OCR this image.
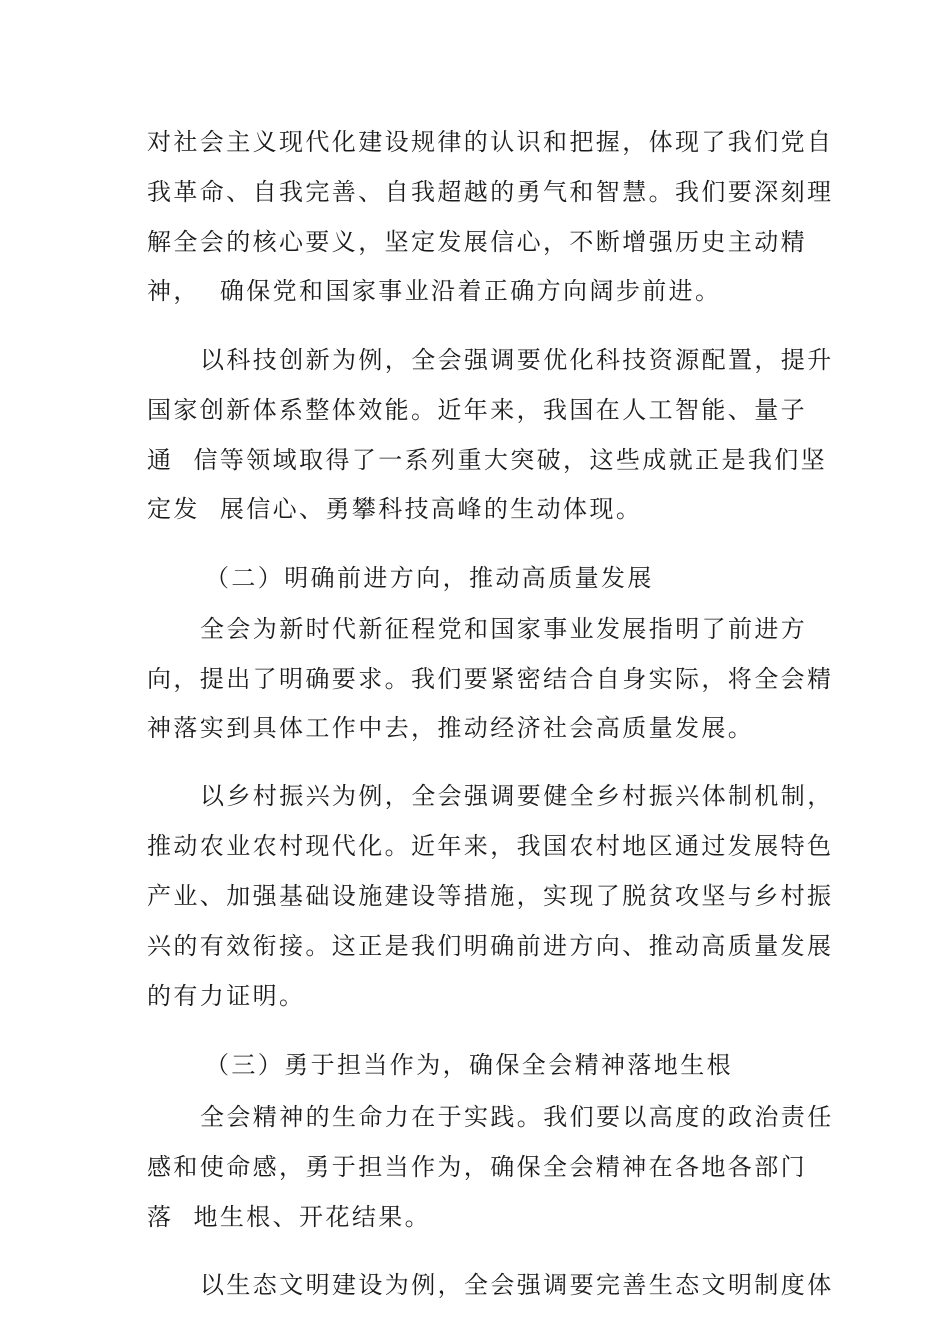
对社会主义现代化建设规律的认识和把握，体现了我们党自
我革命、自我完善、自我超越的勇气和智慧。我们要深刻理
解全会的核心要义，坚定发展信心，不断增强历史主动精
神，  确保党和国家事业沿着正确方向阔步前进。
以科技创新为例，全会强调要优化科技资源配置，提升
国家创新体系整体效能。近年来，我国在人工智能、量子
通  信等领域取得了一系列重大突破，这些成就正是我们坚
定发  展信心、勇攀科技高峰的生动体现。
（二）明确前进方向，推动高质量发展
全会为新时代新征程党和国家事业发展指明了前进方
向，提出了明确要求。我们要紧密结合自身实际，将全会精
神落实到具体工作中去，推动经济社会高质量发展。
以乡村振兴为例，全会强调要健全乡村振兴体制机制，
推动农业农村现代化。近年来，我国农村地区通过发展特色
产业、加强基础设施建设等措施，实现了脱贫攻坚与乡村振
兴的有效衔接。这正是我们明确前进方向、推动高质量发展
的有力证明。
（三）勇于担当作为，确保全会精神落地生根
全会精神的生命力在于实践。我们要以高度的政治责任
感和使命感，勇于担当作为，确保全会精神在各地各部门
落  地生根、开花结果。
以生态文明建设为例，全会强调要完善生态文明制度体
